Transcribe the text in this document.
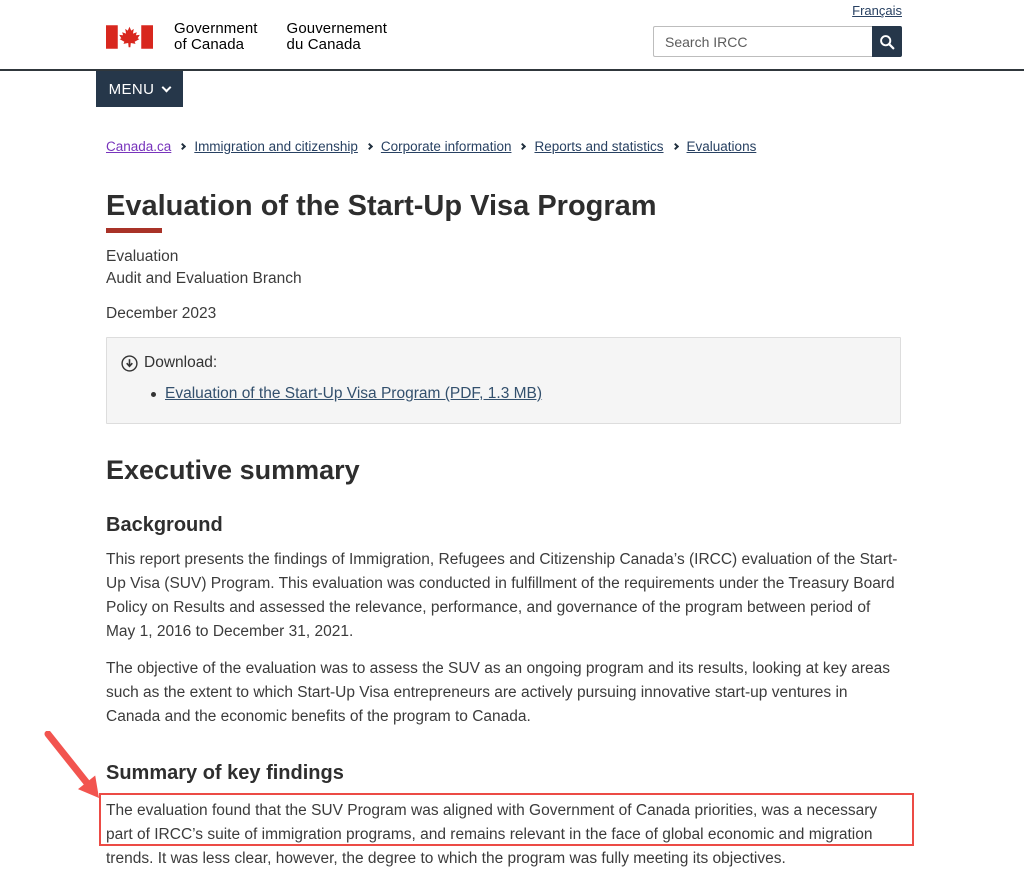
Français
Government
of Canada
Gouvernement
du Canada
Search IRCC
MENU
Canada.ca Immigration and citizenship Corporate information Reports and statistics Evaluations
Evaluation of the Start-Up Visa Program
Evaluation
Audit and Evaluation Branch
December 2023
Download:
Evaluation of the Start-Up Visa Program (PDF, 1.3 MB)
Executive summary
Background

This report presents the findings of Immigration, Refugees and Citizenship Canada’s (IRCC) evaluation of the Start-Up Visa (SUV) Program. This evaluation was conducted in fulfillment of the requirements under the Treasury Board Policy on Results and assessed the relevance, performance, and governance of the program between period of May 1, 2016 to December 31, 2021.

The objective of the evaluation was to assess the SUV as an ongoing program and its results, looking at key areas such as the extent to which Start-Up Visa entrepreneurs are actively pursuing innovative start-up ventures in Canada and the economic benefits of the program to Canada.

Summary of key findings

The evaluation found that the SUV Program was aligned with Government of Canada priorities, was a necessary part of IRCC’s suite of immigration programs, and remains relevant in the face of global economic and migration trends. It was less clear, however, the degree to which the program was fully meeting its objectives.
